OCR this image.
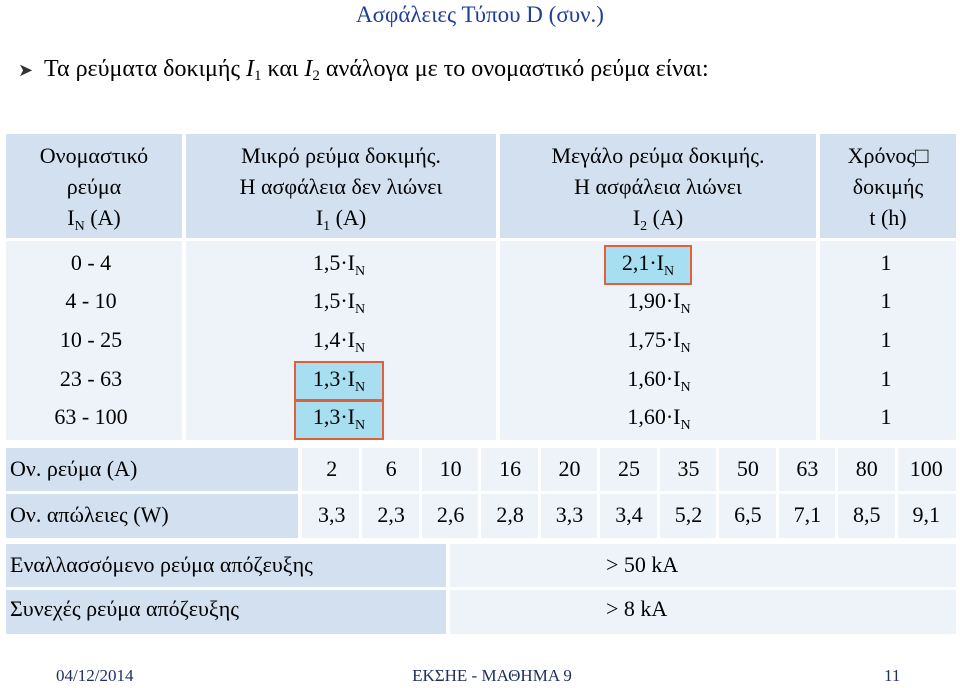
Ασφάλειες Τύπου D (συν.)
➤ Τα ρεύματα δοκιμής I1 και I2 ανάλογα με το ονομαστικό ρεύμα είναι:
Ονομαστικό
ρεύμα
$I_N$ (A)
Μικρό ρεύμα δοκιμής.
Η ασφάλεια δεν λιώνει
$I_1$ (A)
Μεγάλο ρεύμα δοκιμής.
Η ασφάλεια λιώνει
$I_2$ (A)
Χρόνος□
δοκιμής
t (h)
0 - 4
4 - 10
10 - 25
23 - 63
63 - 100
$1,5\cdot I_N$
$1,5\cdot I_N$
$1,4\cdot I_N$
$1,3\cdot I_N$
$1,3\cdot I_N$
$2,1\cdot I_N$
$1,90\cdot I_N$
$1,75\cdot I_N$
$1,60\cdot I_N$
$1,60\cdot I_N$
1
1
1
1
1
Ον. ρεύμα (A)
Ον. απώλειες (W)
2
3,3
6
2,3
10
2,6
16
2,8
20
3,3
25
3,4
35
5,2
50
6,5
63
7,1
80
8,5
100
9,1
Εναλλασσόμενο ρεύμα απόζευξης
Συνεχές ρεύμα απόζευξης
> 50 kA
> 8 kA
04/12/2014	ΕΚΣΗΕ - ΜΑΘΗΜΑ 9	11
